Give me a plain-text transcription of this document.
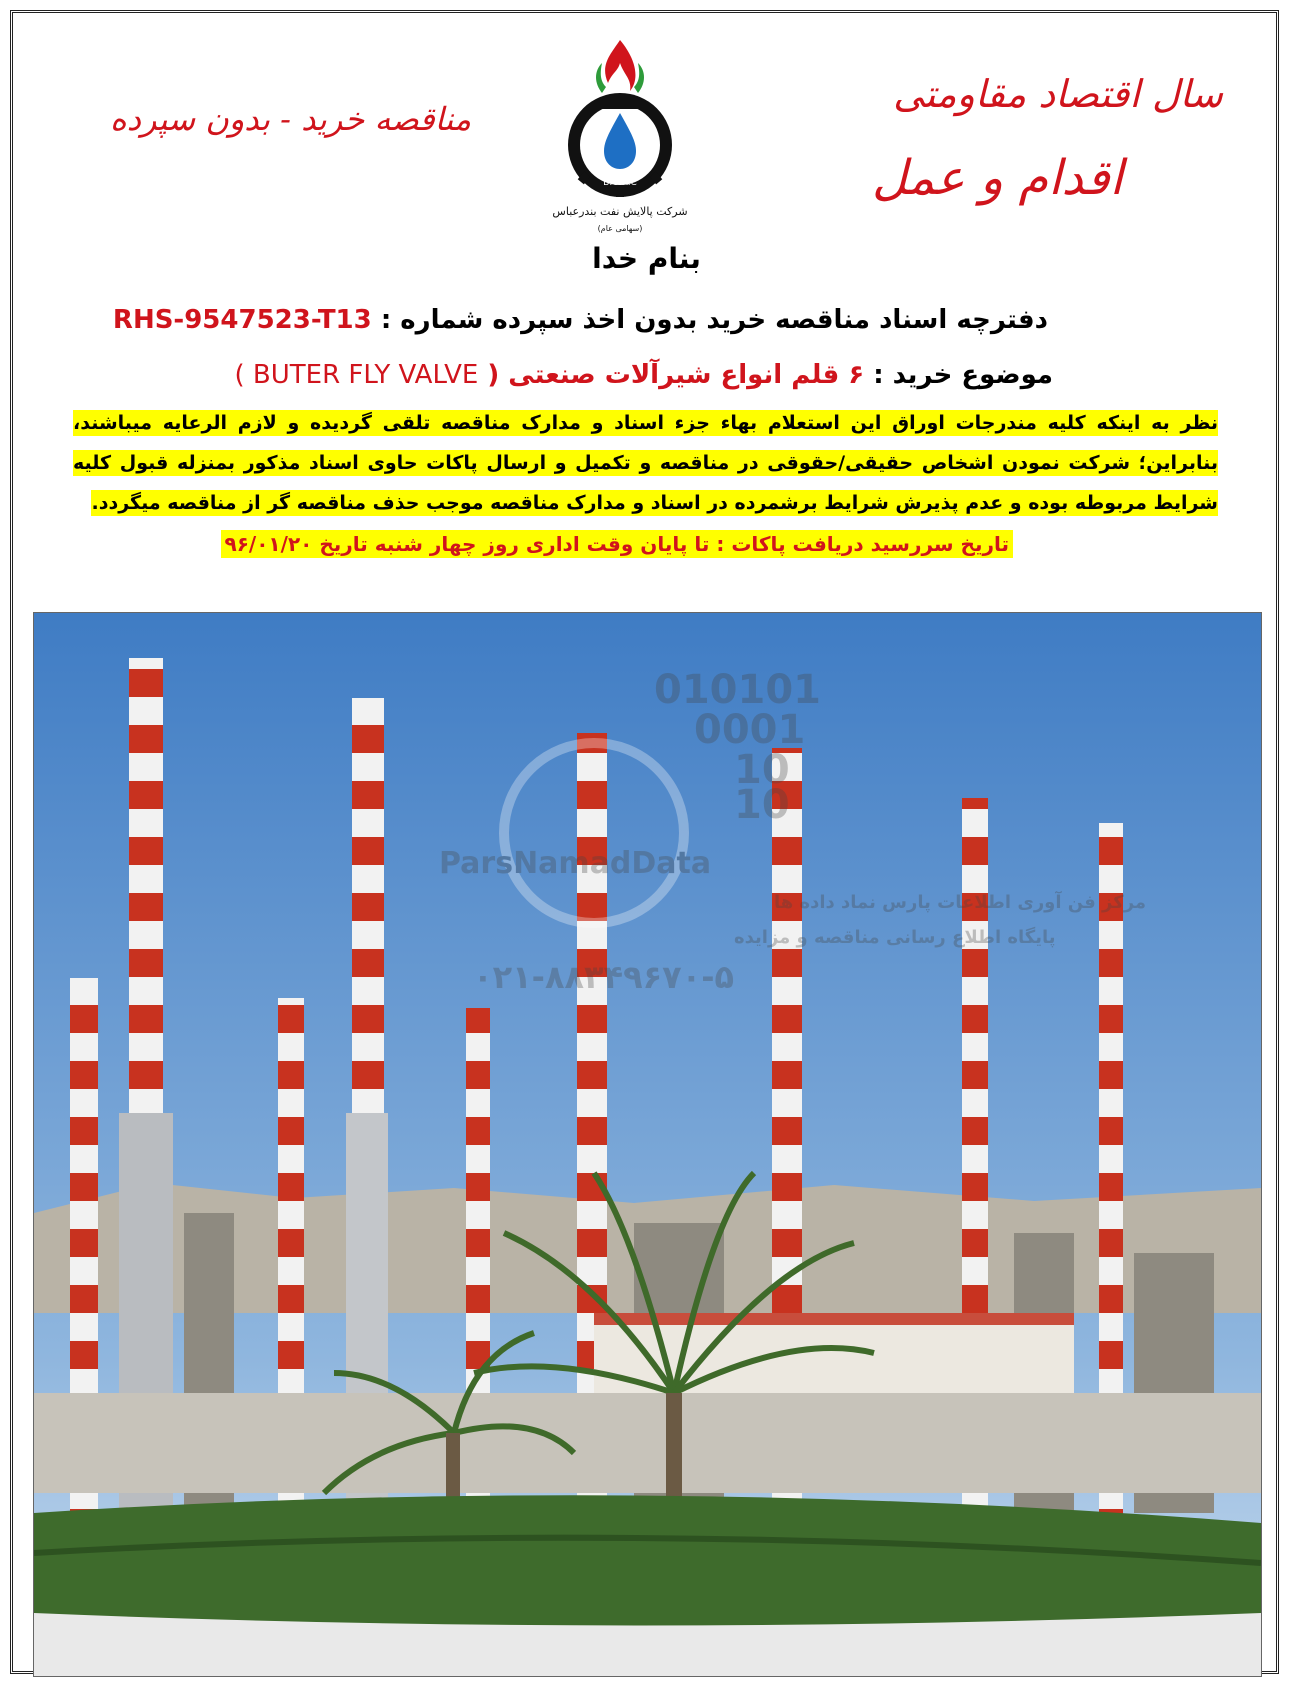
سال اقتصاد مقاومتی
اقدام و عمل
مناقصه خرید - بدون سپرده
B.O.R.C
شرکت پالایش نفت بندرعباس
(سهامی عام)
بنام خدا
دفترچه اسناد مناقصه خرید بدون اخذ سپرده شماره : RHS-9547523-T13
موضوع خرید : ۶ قلم انواع شیرآلات صنعتی ( BUTER FLY VALVE )
نظر به اینکه کلیه مندرجات اوراق این استعلام بهاء جزء اسناد و مدارک مناقصه تلقی گردیده و لازم الرعایه میباشند، بنابراین؛ شرکت نمودن اشخاص حقیقی/حقوقی در مناقصه و تکمیل و ارسال پاکات حاوی اسناد مذکور بمنزله قبول کلیه شرایط مربوطه بوده و عدم پذیرش شرایط برشمرده در اسناد و مدارک مناقصه موجب حذف مناقصه گر از مناقصه میگردد.
تاریخ سررسید دریافت پاکات : تا پایان وقت اداری روز چهار شنبه تاریخ ۹۶/۰۱/۲۰
010101
0001
10
10
ParsNamadData
مرکز فن آوری اطلاعات پارس نماد داده ها
پایگاه اطلاع رسانی مناقصه و مزایده
۰۲۱-۸۸۳۴۹۶۷۰-۵
